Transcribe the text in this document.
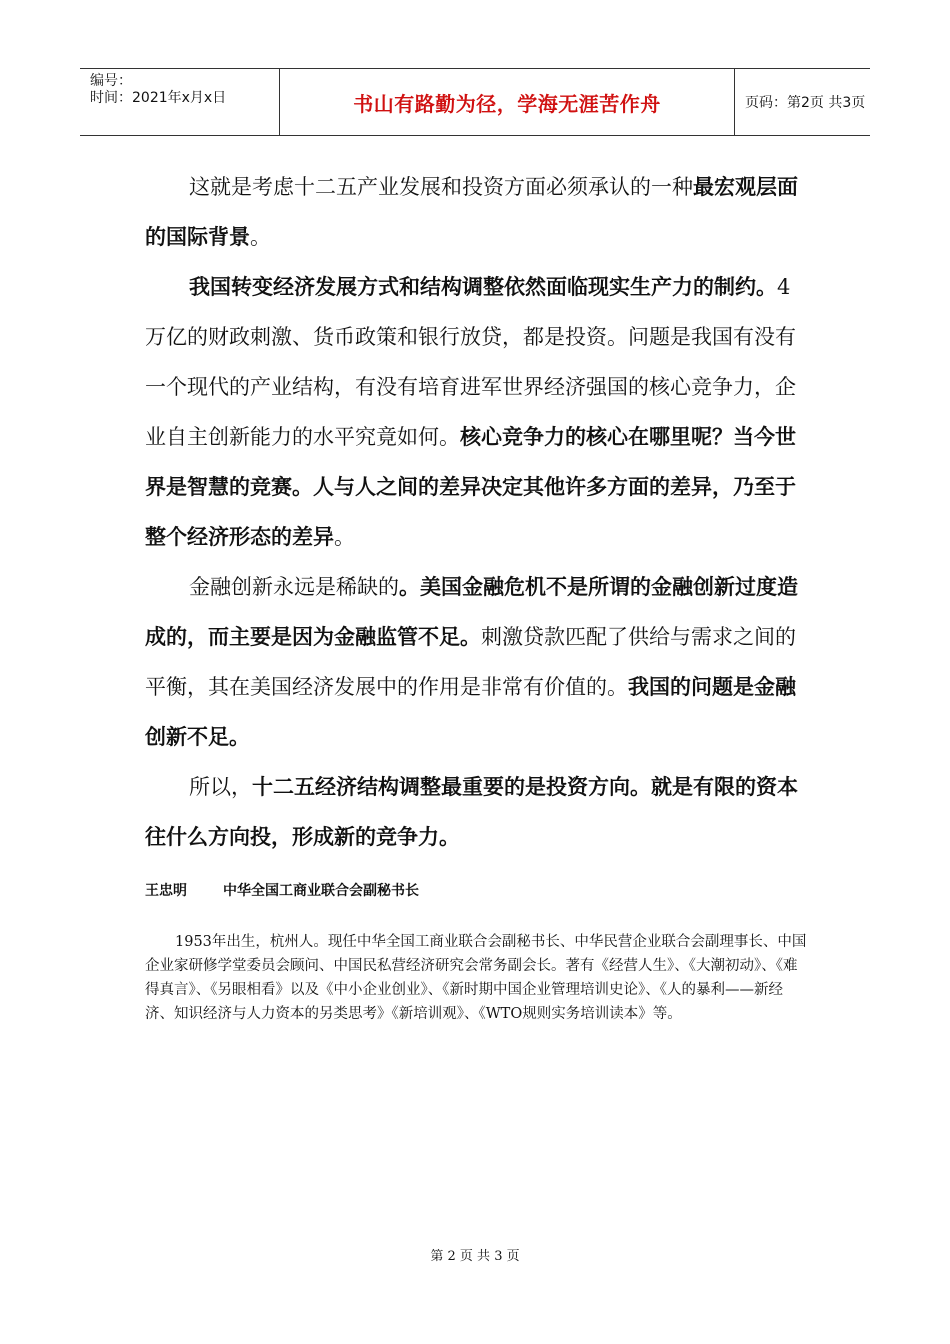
编号：
时间：2021年x月x日	书山有路勤为径，学海无涯苦作舟	页码：第2页 共3页

这就是考虑十二五产业发展和投资方面必须承认的一种最宏观层面的国际背景。

我国转变经济发展方式和结构调整依然面临现实生产力的制约。4万亿的财政刺激、货币政策和银行放贷，都是投资。问题是我国有没有一个现代的产业结构，有没有培育进军世界经济强国的核心竞争力，企业自主创新能力的水平究竟如何。核心竞争力的核心在哪里呢？当今世界是智慧的竞赛。人与人之间的差异决定其他许多方面的差异，乃至于整个经济形态的差异。

金融创新永远是稀缺的。美国金融危机不是所谓的金融创新过度造成的，而主要是因为金融监管不足。刺激贷款匹配了供给与需求之间的平衡，其在美国经济发展中的作用是非常有价值的。我国的问题是金融创新不足。

所以，十二五经济结构调整最重要的是投资方向。就是有限的资本往什么方向投，形成新的竞争力。

王忠明	中华全国工商业联合会副秘书长

1953年出生，杭州人。现任中华全国工商业联合会副秘书长、中华民营企业联合会副理事长、中国企业家研修学堂委员会顾问、中国民私营经济研究会常务副会长。著有《经营人生》、《大潮初动》、《难得真言》、《另眼相看》以及《中小企业创业》、《新时期中国企业管理培训史论》、《人的暴利——新经济、知识经济与人力资本的另类思考》《新培训观》、《WTO规则实务培训读本》等。

第 2 页 共 3 页
